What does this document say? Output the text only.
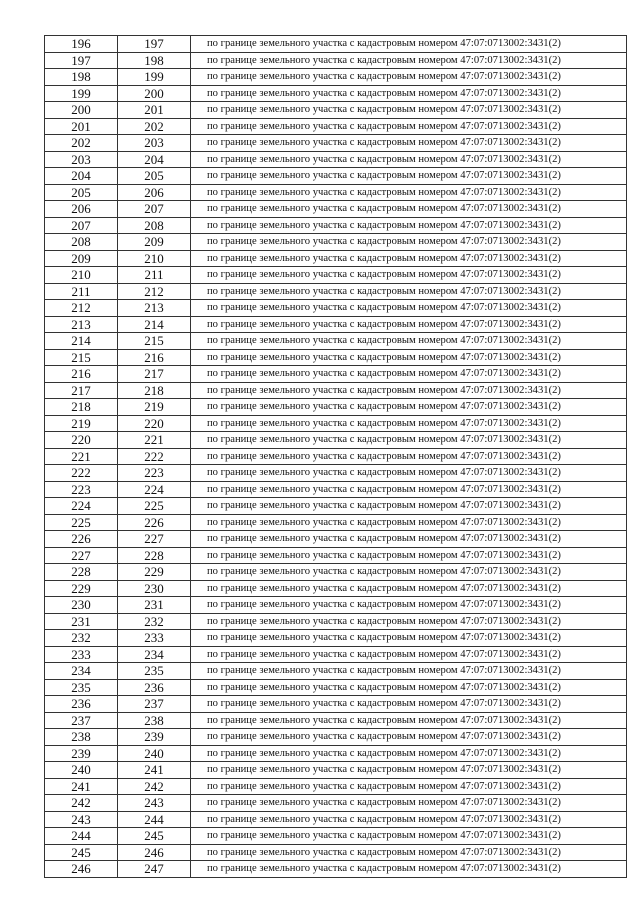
196	197	по границе земельного участка с кадастровым номером 47:07:0713002:3431(2)
197	198	по границе земельного участка с кадастровым номером 47:07:0713002:3431(2)
198	199	по границе земельного участка с кадастровым номером 47:07:0713002:3431(2)
199	200	по границе земельного участка с кадастровым номером 47:07:0713002:3431(2)
200	201	по границе земельного участка с кадастровым номером 47:07:0713002:3431(2)
201	202	по границе земельного участка с кадастровым номером 47:07:0713002:3431(2)
202	203	по границе земельного участка с кадастровым номером 47:07:0713002:3431(2)
203	204	по границе земельного участка с кадастровым номером 47:07:0713002:3431(2)
204	205	по границе земельного участка с кадастровым номером 47:07:0713002:3431(2)
205	206	по границе земельного участка с кадастровым номером 47:07:0713002:3431(2)
206	207	по границе земельного участка с кадастровым номером 47:07:0713002:3431(2)
207	208	по границе земельного участка с кадастровым номером 47:07:0713002:3431(2)
208	209	по границе земельного участка с кадастровым номером 47:07:0713002:3431(2)
209	210	по границе земельного участка с кадастровым номером 47:07:0713002:3431(2)
210	211	по границе земельного участка с кадастровым номером 47:07:0713002:3431(2)
211	212	по границе земельного участка с кадастровым номером 47:07:0713002:3431(2)
212	213	по границе земельного участка с кадастровым номером 47:07:0713002:3431(2)
213	214	по границе земельного участка с кадастровым номером 47:07:0713002:3431(2)
214	215	по границе земельного участка с кадастровым номером 47:07:0713002:3431(2)
215	216	по границе земельного участка с кадастровым номером 47:07:0713002:3431(2)
216	217	по границе земельного участка с кадастровым номером 47:07:0713002:3431(2)
217	218	по границе земельного участка с кадастровым номером 47:07:0713002:3431(2)
218	219	по границе земельного участка с кадастровым номером 47:07:0713002:3431(2)
219	220	по границе земельного участка с кадастровым номером 47:07:0713002:3431(2)
220	221	по границе земельного участка с кадастровым номером 47:07:0713002:3431(2)
221	222	по границе земельного участка с кадастровым номером 47:07:0713002:3431(2)
222	223	по границе земельного участка с кадастровым номером 47:07:0713002:3431(2)
223	224	по границе земельного участка с кадастровым номером 47:07:0713002:3431(2)
224	225	по границе земельного участка с кадастровым номером 47:07:0713002:3431(2)
225	226	по границе земельного участка с кадастровым номером 47:07:0713002:3431(2)
226	227	по границе земельного участка с кадастровым номером 47:07:0713002:3431(2)
227	228	по границе земельного участка с кадастровым номером 47:07:0713002:3431(2)
228	229	по границе земельного участка с кадастровым номером 47:07:0713002:3431(2)
229	230	по границе земельного участка с кадастровым номером 47:07:0713002:3431(2)
230	231	по границе земельного участка с кадастровым номером 47:07:0713002:3431(2)
231	232	по границе земельного участка с кадастровым номером 47:07:0713002:3431(2)
232	233	по границе земельного участка с кадастровым номером 47:07:0713002:3431(2)
233	234	по границе земельного участка с кадастровым номером 47:07:0713002:3431(2)
234	235	по границе земельного участка с кадастровым номером 47:07:0713002:3431(2)
235	236	по границе земельного участка с кадастровым номером 47:07:0713002:3431(2)
236	237	по границе земельного участка с кадастровым номером 47:07:0713002:3431(2)
237	238	по границе земельного участка с кадастровым номером 47:07:0713002:3431(2)
238	239	по границе земельного участка с кадастровым номером 47:07:0713002:3431(2)
239	240	по границе земельного участка с кадастровым номером 47:07:0713002:3431(2)
240	241	по границе земельного участка с кадастровым номером 47:07:0713002:3431(2)
241	242	по границе земельного участка с кадастровым номером 47:07:0713002:3431(2)
242	243	по границе земельного участка с кадастровым номером 47:07:0713002:3431(2)
243	244	по границе земельного участка с кадастровым номером 47:07:0713002:3431(2)
244	245	по границе земельного участка с кадастровым номером 47:07:0713002:3431(2)
245	246	по границе земельного участка с кадастровым номером 47:07:0713002:3431(2)
246	247	по границе земельного участка с кадастровым номером 47:07:0713002:3431(2)
